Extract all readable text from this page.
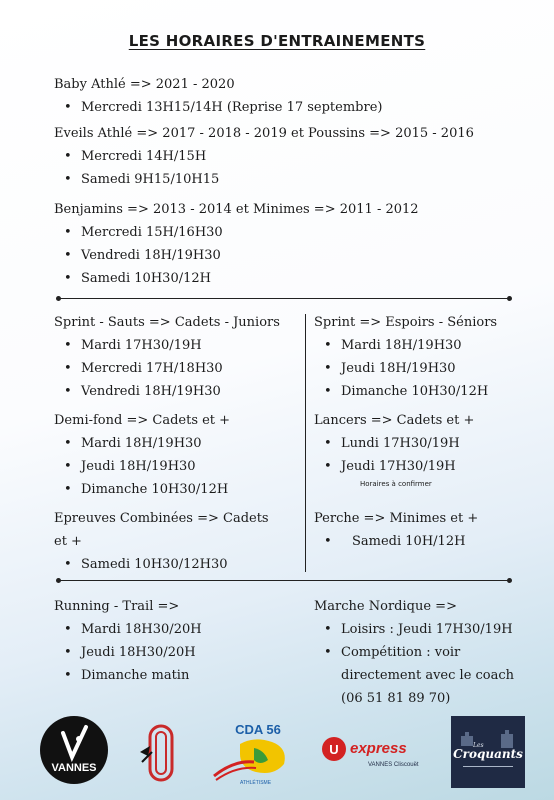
LES HORAIRES D'ENTRAINEMENTS
Baby Athlé => 2021 - 2020
• Mercredi 13H15/14H (Reprise 17 septembre)
Eveils Athlé => 2017 - 2018 - 2019 et Poussins => 2015 - 2016
• Mercredi 14H/15H
• Samedi 9H15/10H15
Benjamins => 2013 - 2014 et Minimes => 2011 - 2012
• Mercredi 15H/16H30
• Vendredi 18H/19H30
• Samedi 10H30/12H
Sprint - Sauts => Cadets - Juniors
• Mardi 17H30/19H
• Mercredi 17H/18H30
• Vendredi 18H/19H30
Demi-fond => Cadets et +
• Mardi 18H/19H30
• Jeudi 18H/19H30
• Dimanche 10H30/12H
Epreuves Combinées => Cadets
et +
• Samedi 10H30/12H30
Sprint => Espoirs - Séniors
• Mardi 18H/19H30
• Jeudi 18H/19H30
• Dimanche 10H30/12H
Lancers => Cadets et +
• Lundi 17H30/19H
• Jeudi 17H30/19H
Horaires à confirmer
Perche => Minimes et +
• Samedi 10H/12H
Running - Trail =>
• Mardi 18H30/20H
• Jeudi 18H30/20H
• Dimanche matin
Marche Nordique =>
• Loisirs : Jeudi 17H30/19H
• Compétition : voir
directement avec le coach
(06 51 81 89 70)
VANNES
CDA 56
ATHLÉTISME
U express
VANNES Cliscouët
Les
Croquants
